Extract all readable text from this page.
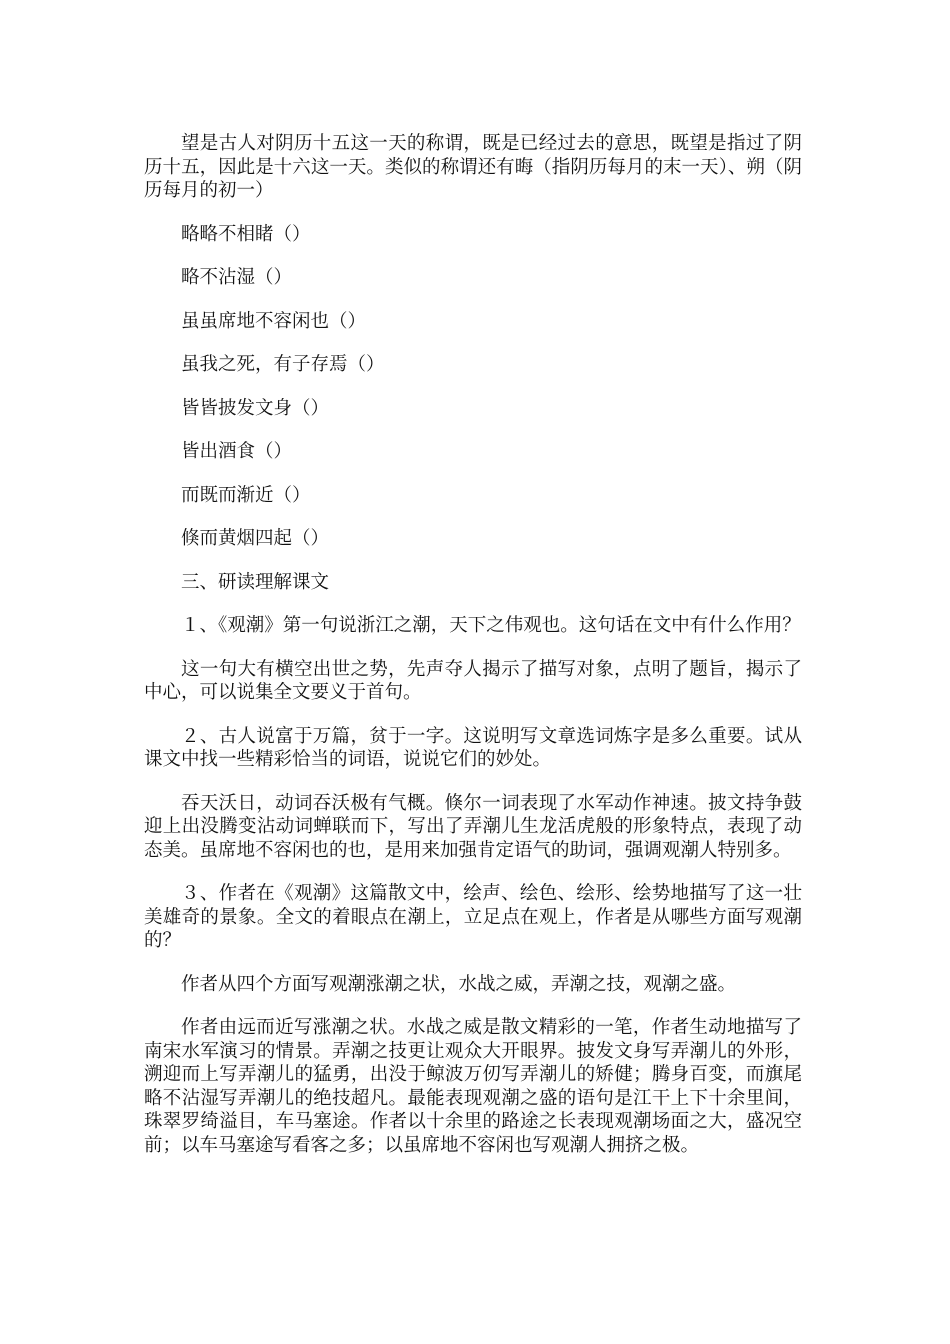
望是古人对阴历十五这一天的称谓，既是已经过去的意思，既望是指过了阴历十五，因此是十六这一天。类似的称谓还有晦（指阴历每月的末一天）、朔（阴历每月的初一）

略略不相睹（）

略不沾湿（）

虽虽席地不容闲也（）

虽我之死，有子存焉（）

皆皆披发文身（）

皆出酒食（）

而既而渐近（）

倏而黄烟四起（）

三、研读理解课文

１、《观潮》第一句说浙江之潮，天下之伟观也。这句话在文中有什么作用？

这一句大有横空出世之势，先声夺人揭示了描写对象，点明了题旨，揭示了中心，可以说集全文要义于首句。

２、古人说富于万篇，贫于一字。这说明写文章选词炼字是多么重要。试从课文中找一些精彩恰当的词语，说说它们的妙处。

吞天沃日，动词吞沃极有气概。倏尔一词表现了水军动作神速。披文持争鼓迎上出没腾变沾动词蝉联而下，写出了弄潮儿生龙活虎般的形象特点，表现了动态美。虽席地不容闲也的也，是用来加强肯定语气的助词，强调观潮人特别多。

３、作者在《观潮》这篇散文中，绘声、绘色、绘形、绘势地描写了这一壮美雄奇的景象。全文的着眼点在潮上，立足点在观上，作者是从哪些方面写观潮的？

作者从四个方面写观潮涨潮之状，水战之威，弄潮之技，观潮之盛。

作者由远而近写涨潮之状。水战之威是散文精彩的一笔，作者生动地描写了南宋水军演习的情景。弄潮之技更让观众大开眼界。披发文身写弄潮儿的外形，溯迎而上写弄潮儿的猛勇，出没于鲸波万仞写弄潮儿的矫健；腾身百变，而旗尾略不沾湿写弄潮儿的绝技超凡。最能表现观潮之盛的语句是江干上下十余里间，珠翠罗绮溢目，车马塞途。作者以十余里的路途之长表现观潮场面之大，盛况空前；以车马塞途写看客之多；以虽席地不容闲也写观潮人拥挤之极。
